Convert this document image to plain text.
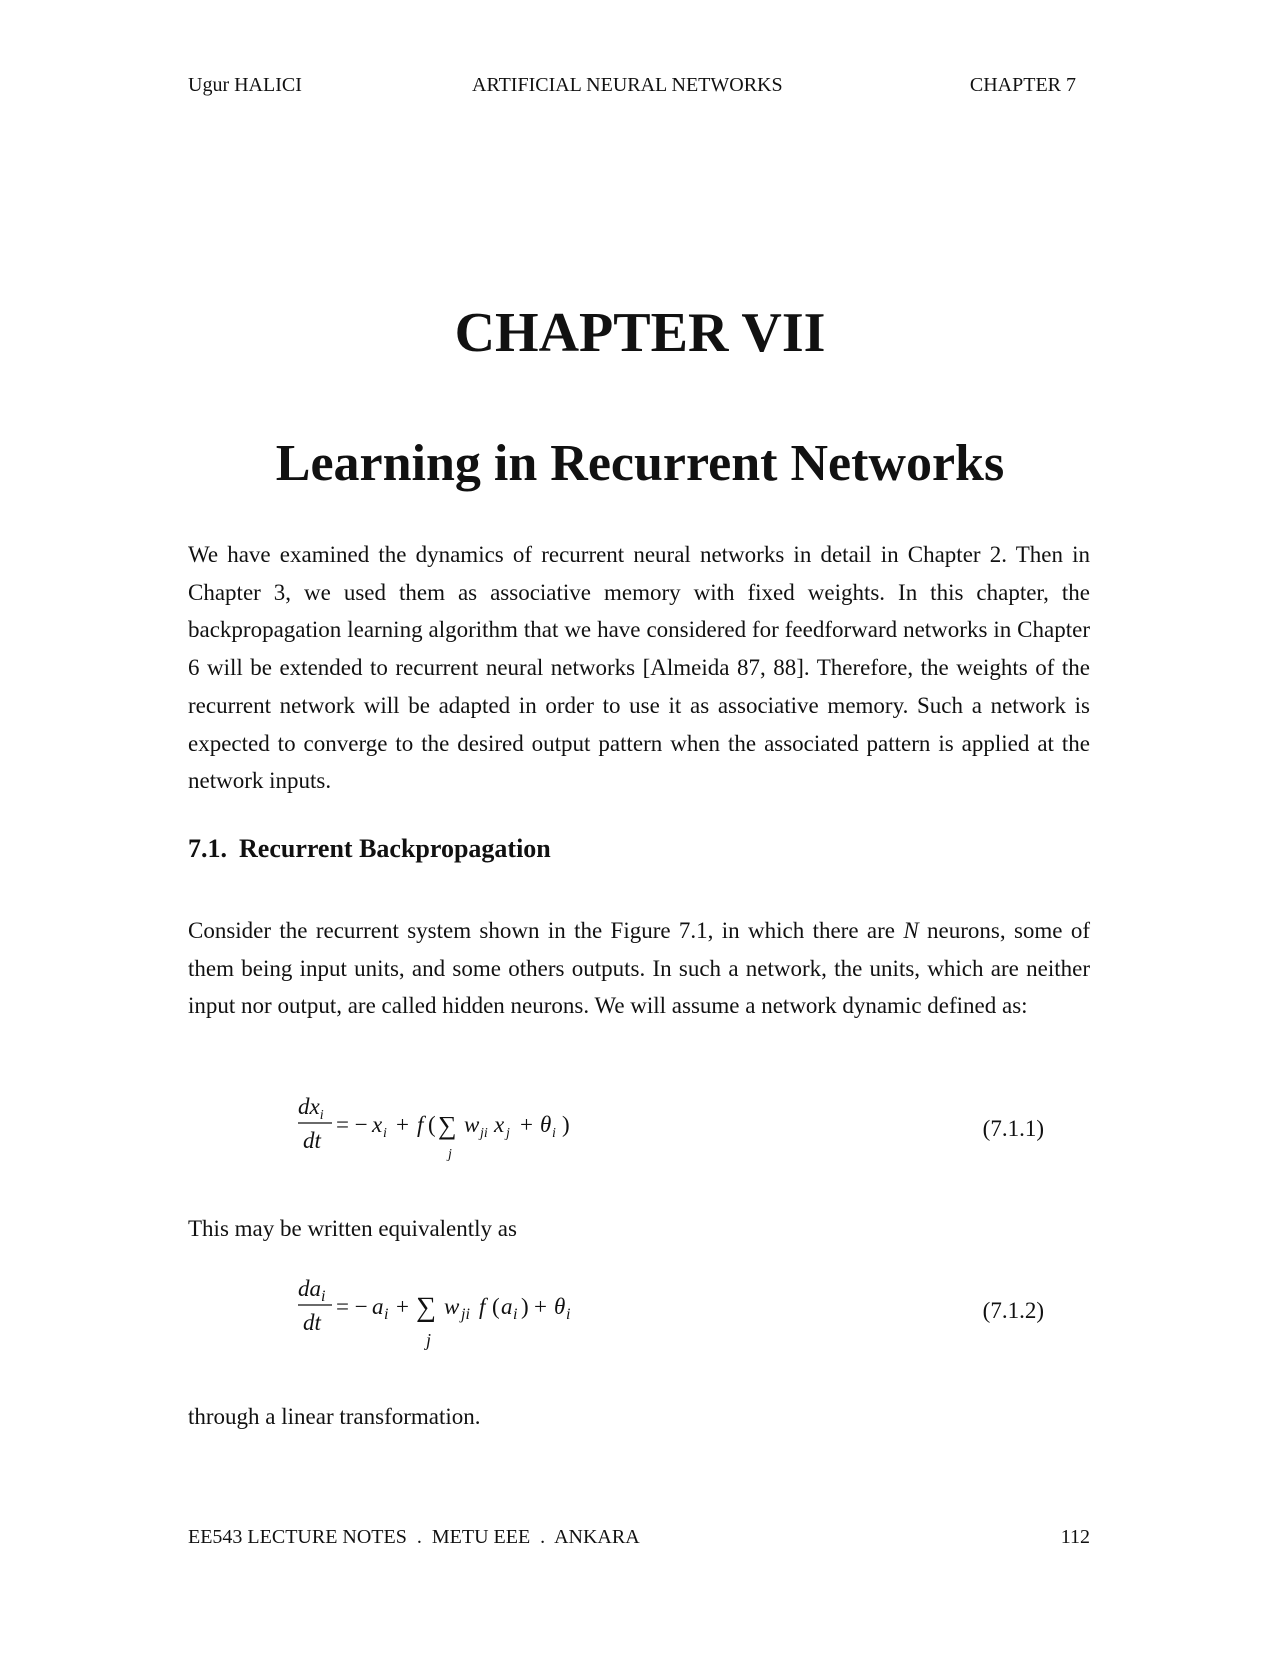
Ugur HALICI	ARTIFICIAL NEURAL NETWORKS	CHAPTER 7
CHAPTER VII
Learning in Recurrent Networks

We have examined the dynamics of recurrent neural networks in detail in Chapter 2. Then in Chapter 3, we used them as associative memory with fixed weights. In this chapter, the backpropagation learning algorithm that we have considered for feedforward networks in Chapter 6 will be extended to recurrent neural networks [Almeida 87, 88]. Therefore, the weights of the recurrent network will be adapted in order to use it as associative memory. Such a network is expected to converge to the desired output pattern when the associated pattern is applied at the network inputs.

7.1. Recurrent Backpropagation

Consider the recurrent system shown in the Figure 7.1, in which there are N neurons, some of them being input units, and some others outputs. In such a network, the units, which are neither input nor output, are called hidden neurons. We will assume a network dynamic defined as:

$dx_i$
dt
= − x i + f ( ∑
j
w ji x j + θ i )	(7.1.1)

This may be written equivalently as

$da_i$
dt
= − a i + ∑
j
w ji f ( a i ) + θ i	(7.1.2)

through a linear transformation.

EE543 LECTURE NOTES  .  METU EEE  .  ANKARA	112
